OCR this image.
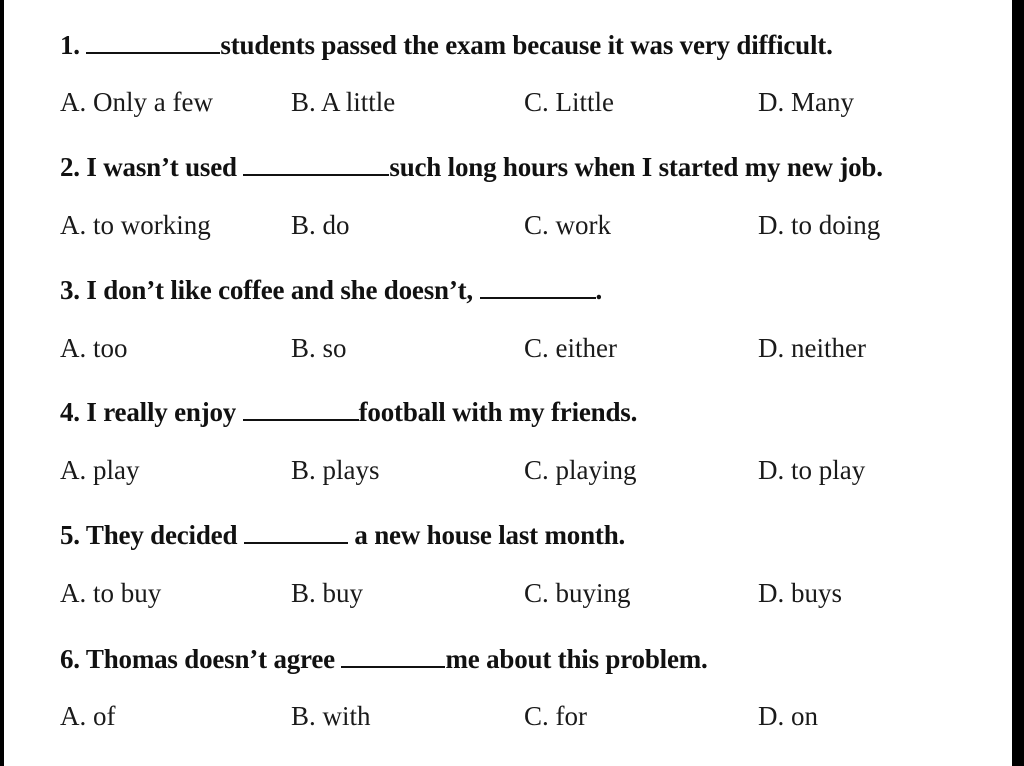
1.	students passed the exam because it was very difficult.
A. Only a few	B. A little	C. Little	D. Many
2. I wasn’t used	such long hours when I started my new job.
A. to working	B. do	C. work	D. to doing
3. I don’t like coffee and she doesn’t,	.
A. too	B. so	C. either	D. neither
4. I really enjoy	football with my friends.
A. play	B. plays	C. playing	D. to play
5. They decided	a new house last month.
A. to buy	B. buy	C. buying	D. buys
6. Thomas doesn’t agree	me about this problem.
A. of	B. with	C. for	D. on
